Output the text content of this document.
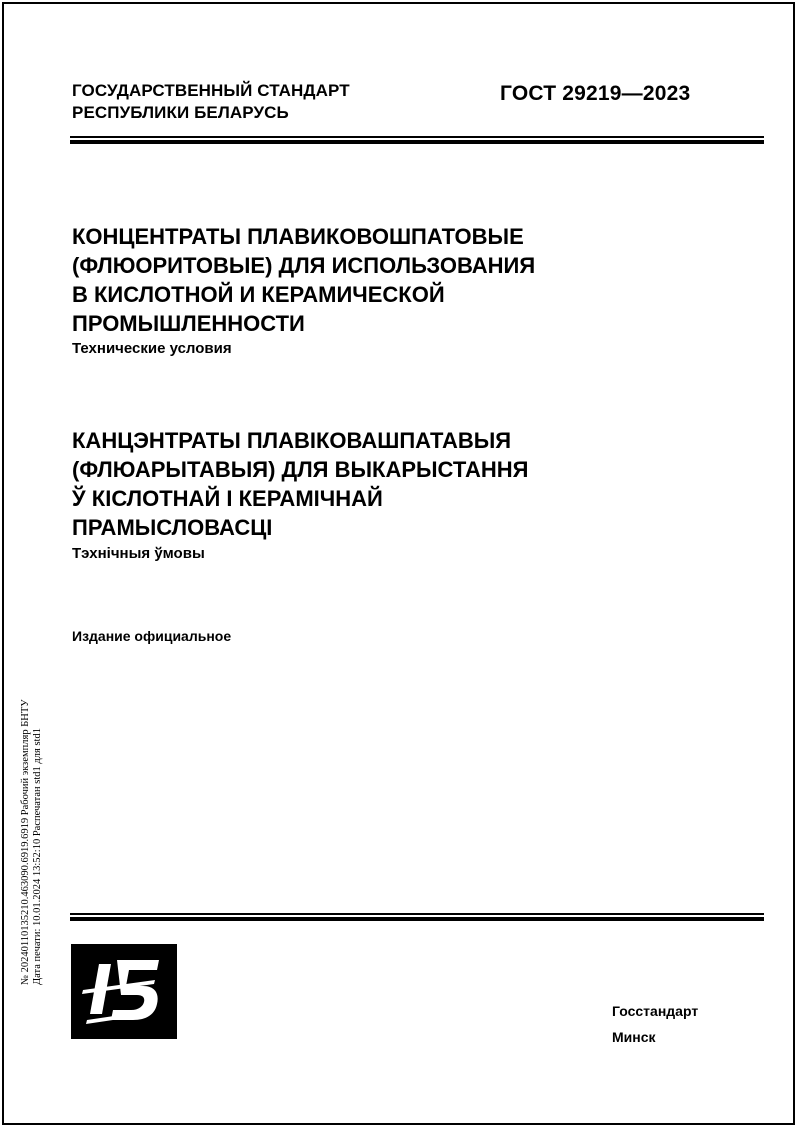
ГОСУДАРСТВЕННЫЙ СТАНДАРТ
РЕСПУБЛИКИ БЕЛАРУСЬ
ГОСТ 29219—2023
КОНЦЕНТРАТЫ ПЛАВИКОВОШПАТОВЫЕ
(ФЛЮОРИТОВЫЕ) ДЛЯ ИСПОЛЬЗОВАНИЯ
В КИСЛОТНОЙ И КЕРАМИЧЕСКОЙ
ПРОМЫШЛЕННОСТИ
Технические условия
КАНЦЭНТРАТЫ ПЛАВІКОВАШПАТАВЫЯ
(ФЛЮАРЫТАВЫЯ) ДЛЯ ВЫКАРЫСТАННЯ
Ў КІСЛОТНАЙ І КЕРАМІЧНАЙ
ПРАМЫСЛОВАСЦІ
Тэхнічныя ўмовы
Издание официальное
№ 20240110135210.463090.6919.6919 Рабочий экземпляр БНТУ Дата печати: 10.01.2024 13:52:10 Распечатан std1 для std1
Госстандарт
Минск
